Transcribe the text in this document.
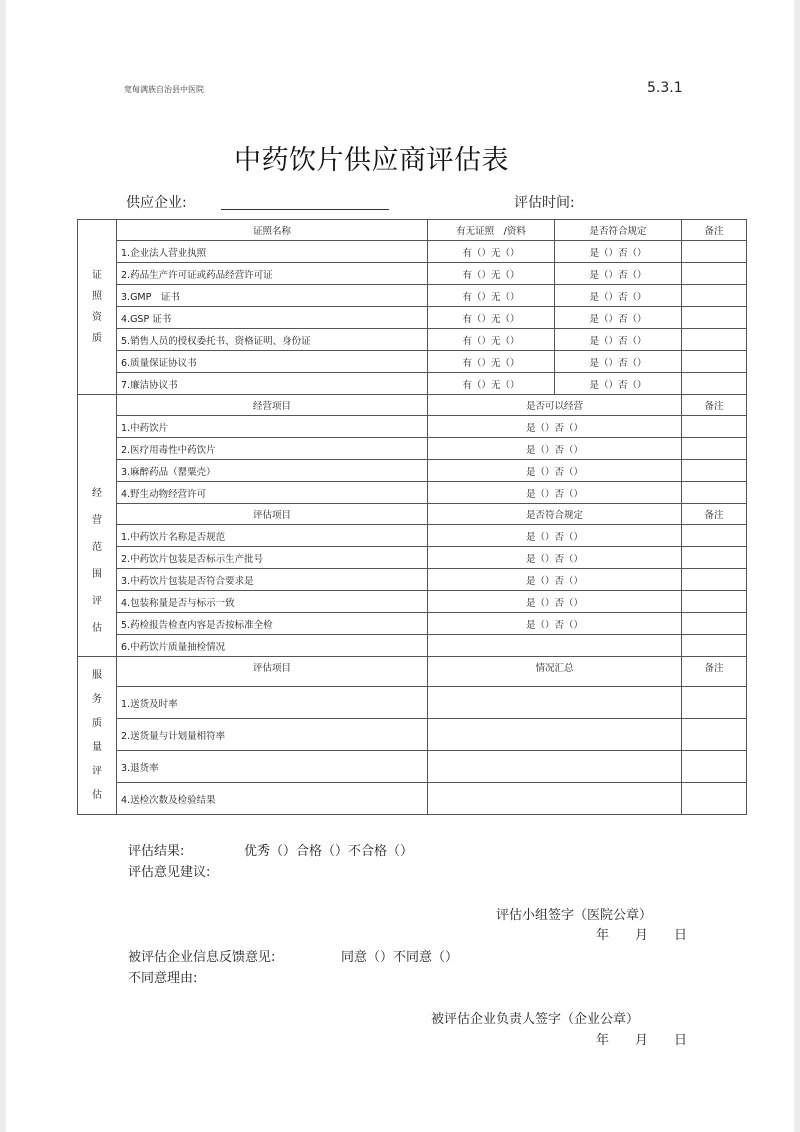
宽甸满族自治县中医院	5.3.1
中药饮片供应商评估表
供应企业:	评估时间:
证照资质	证照名称	有无证照　/资料	是否符合规定	备注
	1.企业法人营业执照	有（）无（）	是（）否（）	
	2.药品生产许可证或药品经营许可证	有（）无（）	是（）否（）	
	3.GMP　证书	有（）无（）	是（）否（）	
	4.GSP 证书	有（）无（）	是（）否（）	
	5.销售人员的授权委托书、资格证明、身份证	有（）无（）	是（）否（）	
	6.质量保证协议书	有（）无（）	是（）否（）	
	7.廉洁协议书	有（）无（）	是（）否（）	

经营范围评估	经营项目	是否可以经营		备注
	1.中药饮片	是（）否（）		
	2.医疗用毒性中药饮片	是（）否（）		
	3.麻醉药品（罂粟壳）	是（）否（）		
	4.野生动物经营许可	是（）否（）		
	评估项目	是否符合规定		备注
	1.中药饮片名称是否规范	是（）否（）		
	2.中药饮片包装是否标示生产批号	是（）否（）		
	3.中药饮片包装是否符合要求是	是（）否（）		
	4.包装称量是否与标示一致	是（）否（）		
	5.药检报告检查内容是否按标准全检	是（）否（）		
	6.中药饮片质量抽检情况			

服务质量评估	评估项目	情况汇总		备注
	1.送货及时率			
	2.送货量与计划量相符率			
	3.退货率			
	4.送检次数及检验结果			
评估结果:	优秀（）合格（）不合格（）
评估意见建议:
评估小组签字（医院公章）
年　　月　　日
被评估企业信息反馈意见:	同意（）不同意（）
不同意理由:
被评估企业负责人签字（企业公章）
年　　月　　日
